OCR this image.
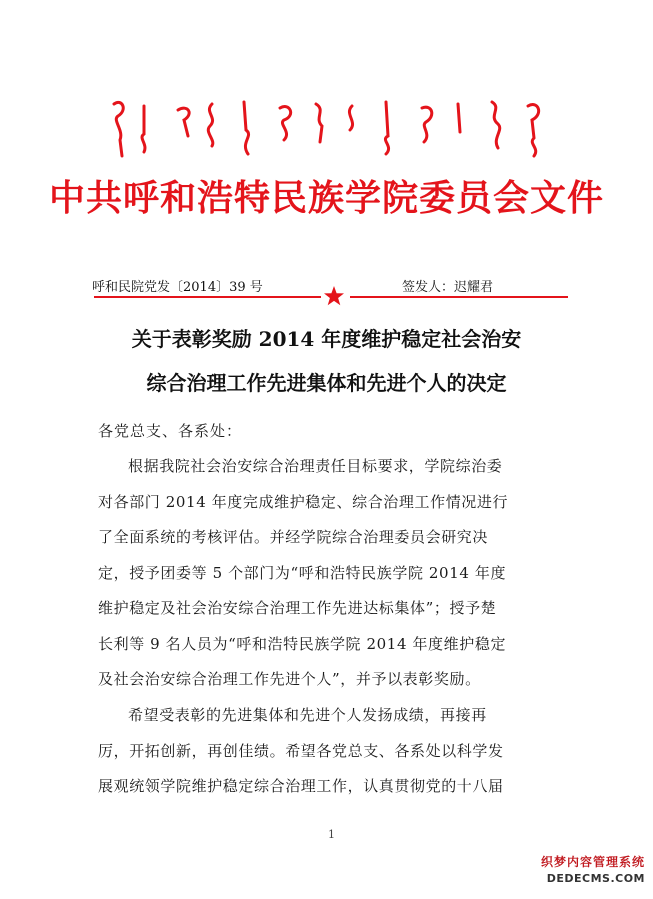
中共呼和浩特民族学院委员会文件
呼和民院党发〔2014〕39 号	签发人：迟耀君
关于表彰奖励 2014 年度维护稳定社会治安
综合治理工作先进集体和先进个人的决定
各党总支、各系处：
根据我院社会治安综合治理责任目标要求，学院综治委
对各部门 2014 年度完成维护稳定、综合治理工作情况进行
了全面系统的考核评估。并经学院综合治理委员会研究决
定，授予团委等 5 个部门为“呼和浩特民族学院 2014 年度
维护稳定及社会治安综合治理工作先进达标集体”；授予楚
长利等 9 名人员为“呼和浩特民族学院 2014 年度维护稳定
及社会治安综合治理工作先进个人”，并予以表彰奖励。
希望受表彰的先进集体和先进个人发扬成绩，再接再
厉，开拓创新，再创佳绩。希望各党总支、各系处以科学发
展观统领学院维护稳定综合治理工作，认真贯彻党的十八届
1
织梦内容管理系统
DEDECMS.COM
